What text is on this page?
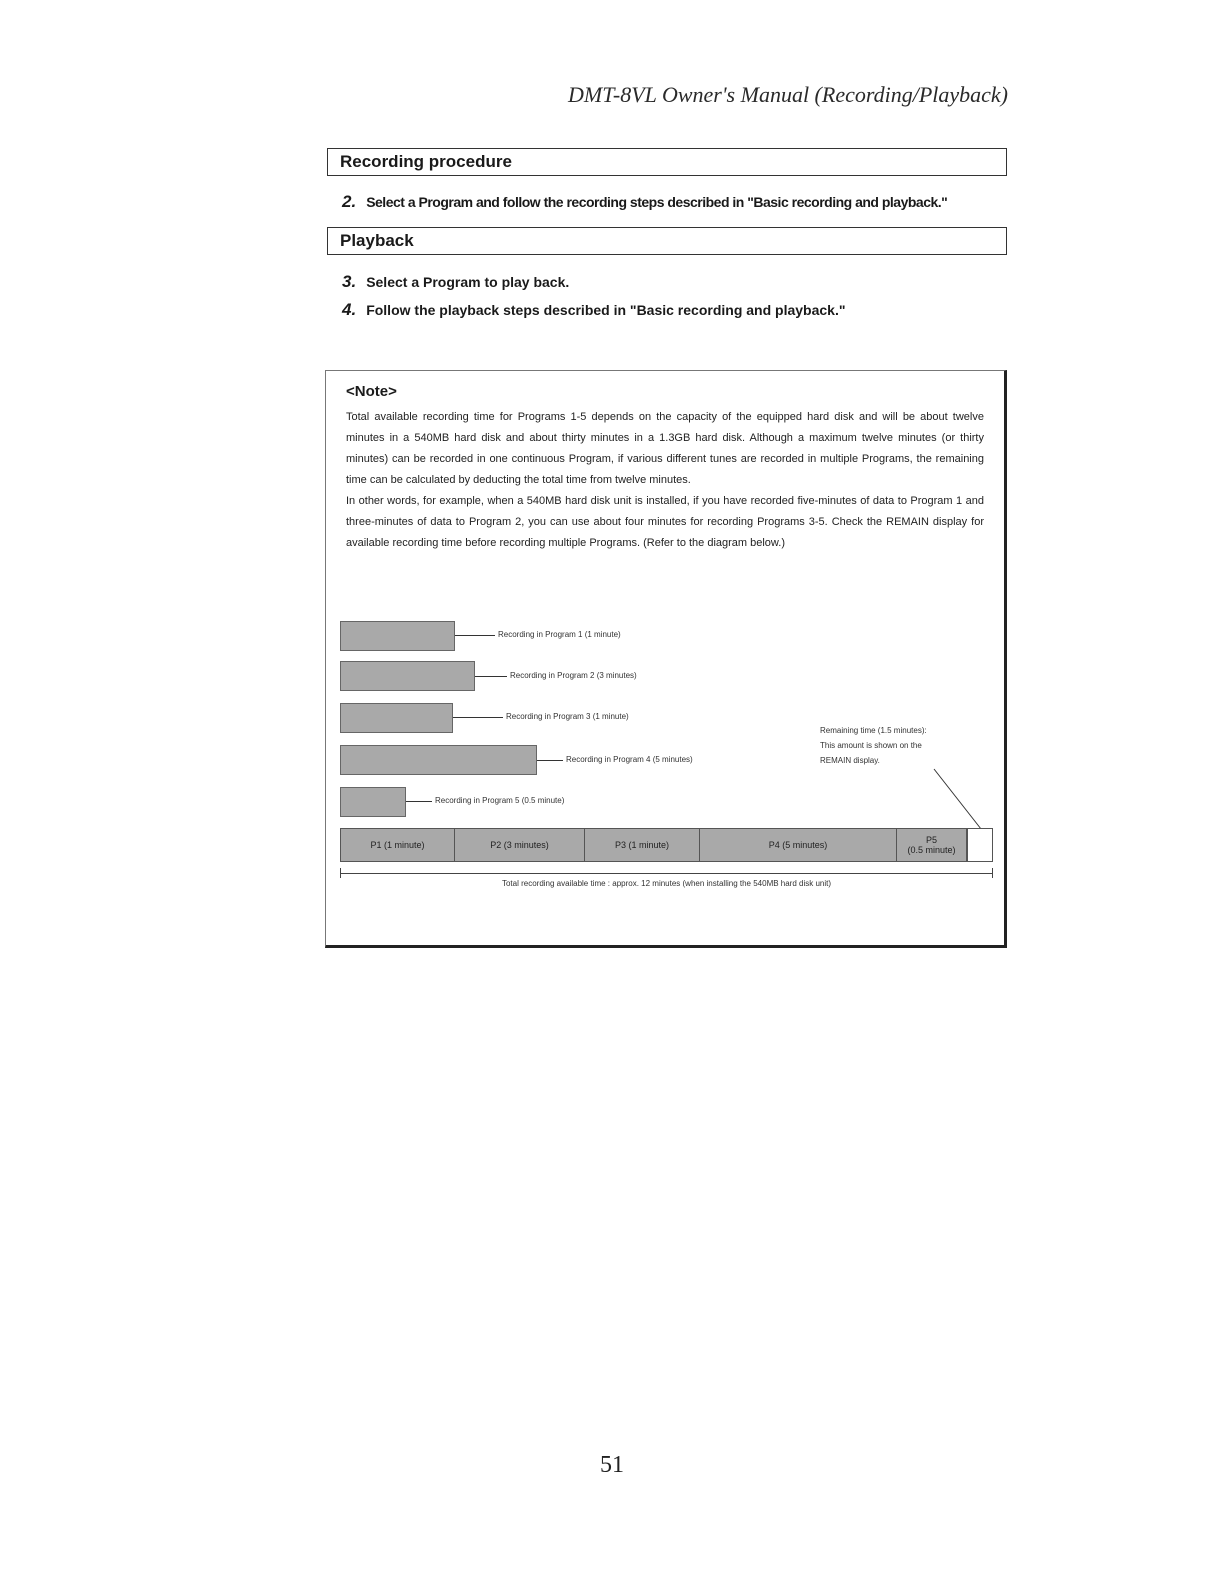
DMT-8VL Owner's Manual (Recording/Playback)
Recording procedure
2. Select a Program and follow the recording steps described in "Basic recording and playback."
Playback
3. Select a Program to play back.
4. Follow the playback steps described in "Basic recording and playback."
<Note>

Total available recording time for Programs 1-5 depends on the capacity of the equipped hard disk and will be about twelve minutes in a 540MB hard disk and about thirty minutes in a 1.3GB hard disk. Although a maximum twelve minutes (or thirty minutes) can be recorded in one continuous Program, if various different tunes are recorded in multiple Programs, the remaining time can be calculated by deducting the total time from twelve minutes.

In other words, for example, when a 540MB hard disk unit is installed, if you have recorded five-minutes of data to Program 1 and three-minutes of data to Program 2, you can use about four minutes for recording Programs 3-5. Check the REMAIN display for available recording time before recording multiple Programs. (Refer to the diagram below.)

Recording in Program 1 (1 minute)
Recording in Program 2 (3 minutes)
Recording in Program 3 (1 minute)
Recording in Program 4 (5 minutes)
Recording in Program 5 (0.5 minute)

Remaining time (1.5 minutes):

This amount is shown on the

REMAIN display.

P1 (1 minute)	P2 (3 minutes)	P3 (1 minute)	P4 (5 minutes)	P5
(0.5 minute)
Total recording available time : approx. 12 minutes (when installing the 540MB hard disk unit)
51
